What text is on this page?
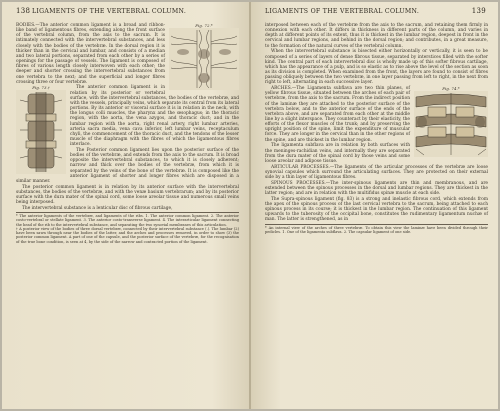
138 LIGAMENTS OF THE VERTEBRAL COLUMN.
Fig. 72.*

BODIES.—The anterior common ligament is a broad and ribbon-like band of ligamentous fibres, extending along the front surface of the vertebral column, from the axis to the sacrum. It is intimately connected with the intervertebral substances, and less closely with the bodies of the vertebræ. In the dorsal region it is thicker than in the cervical and lumbar, and consists of a median and two lateral portions, separated from each other by a series of openings for the passage of vessels. The ligament is composed of fibres of various length closely interwoven with each other; the deeper and shorter crossing the intervertebral substances from one vertebra to the next; and the superficial and longer fibres crossing three or four vertebræ.

Fig. 73.†	The anterior common ligament is in relation by its posterior or vertebral surface, with the intervertebral substances, the bodies of the vertebræ, and with the vessels, principally veins, which separate its central from its lateral portions. By its anterior or visceral surface it is in relation in the neck, with the longus colli muscles, the pharynx and the œsophagus; in the thoracic region, with the aorta, the vena azygos, and thoracic duct; and in the lumbar region with the aorta, right renal artery, right lumbar arteries, arteria sacra media, vena cava inferior, left lumbar veins, receptaculum chyli, the commencement of the thoracic duct, and the tendons of the lesser muscle of the diaphragm with the fibres of which the ligamentous fibres interlace.

The Posterior common ligament lies upon the posterior surface of the bodies of the vertebræ, and extends from the axis to the sacrum. It is broad opposite the intervertebral substances, to which it is closely adherent; narrow and thick over the bodies of the vertebræ, from which it is separated by the veins of the bone of the vertebræ. It is composed like the anterior ligament of shorter and longer fibres which are disposed in a similar manner.

The posterior common ligament is in relation by its anterior surface with the intervertebral substances, the bodies of the vertebræ, and with the venæ basium vertebrarum; and by its posterior surface with the dura mater of the spinal cord, some loose areolar tissue and numerous small veins being interposed.

The intervertebral substance is a lenticular disc of fibrous cartilage,

* The anterior ligaments of the vertebræ, and ligaments of the ribs. 1. The anterior common ligament. 2. The anterior costo-vertebral or stellate ligament. 3. The anterior costo-transverse ligament. 4. The interarticular ligament connecting the head of the rib to the intervertebral substance, and separating the two synovial membranes of this articulation.
† A posterior view of the bodies of three dorsal vertebræ, connected by their intervertebral substance (.). The lumbar (2) have been sawn through near the bodies of the latter, and the arches and processes removed, in order to show (3) the posterior common ligament. A part of one of the capsule, and the posterior surface of the vertebræ, for the recognisation of the true bone condition, is seen at 4, by the side of the narrow and contracted portion of the ligament.
LIGAMENTS OF THE VERTEBRAL COLUMN.	139

interposed between each of the vertebræ from the axis to the sacrum, and retaining them firmly in connexion with each other. It differs in thickness in different parts of the column, and varies in depth at different points of its extent, thus it is thickest in the lumbar region, deepest in front in the cervical and lumbar regions, and behind in the dorsal region; and contributes, in a great measure, to the formation of the natural curves of the vertebral column.

When the intervertebral substance is bisected either horizontally or vertically, it is seen to be composed of a series of layers of dense fibrous tissue, separated by interstices filled with the softer kind. The central part of each intervertebral disc is wholly made up of this softer fibrous cartilage, which has the appearance of a pulp, and is so elastic as to rise above the level of the section as soon as its division is completed. When examined from the front, the layers are found to consist of fibres passing obliquely between the two vertebræ, in one layer passing from left to right, in the next from right to left, alternating in each successive layer.

Fig. 74.*

ARCHES.—The Ligamenta subflava are two thin planes, of yellow fibrous tissue, situated between the arches of each pair of vertebræ, from the axis to the sacrum. From the indirect position of the laminæ they are attached to the posterior surface of the vertebra below, and to the anterior surface of the ends of the vertebra above, and are separated from each other at the middle line by a slight interspace. They counteract by their elasticity, the efforts of the flexor muscles of the trunk; and by preserving the upright position of the spine, limit the expenditure of muscular force. They are longer in the cervical than in the other regions of the spine, and are thickest in the lumbar region.

The ligamenta subflava are in relation by both surfaces with the meninges-rachidian veins, and internally they are separated from the dura mater of the spinal cord by those veins and some loose areolar and adipose tissue.

ARTICULAR PROCESSES.—The ligaments of the articular processes of the vertebræ are loose synovial capsules which surround the articulating surfaces. They are protected on their external side by a thin layer of ligamentous fibres.

SPINOUS PROCESSES.—The inter-spinous ligaments are thin and membranous, and are extended between the spinous processes in the dorsal and lumbar regions. They are thickest in the latter region; and are in relation with the multifidus spinæ muscle at each side.

The Supra-spinous ligament (fig. 83) is a strong and inelastic fibrous cord, which extends from the apex of the spinous process of the last cervical vertebra to the sacrum, being attached to each spinous process in its course; it is thickest in the lumbar region. The continuation of this ligament upwards to the tuberosity of the occipital bone, constitutes the rudimentary ligamentum nuchæ of man. The latter is strengthened, as in

* An internal view of the arches of three vertebræ. To obtain this view the laminæ have been divided through their pedicles. 1. One of the ligamenta subflava. 2. The capsular ligament of one side.
